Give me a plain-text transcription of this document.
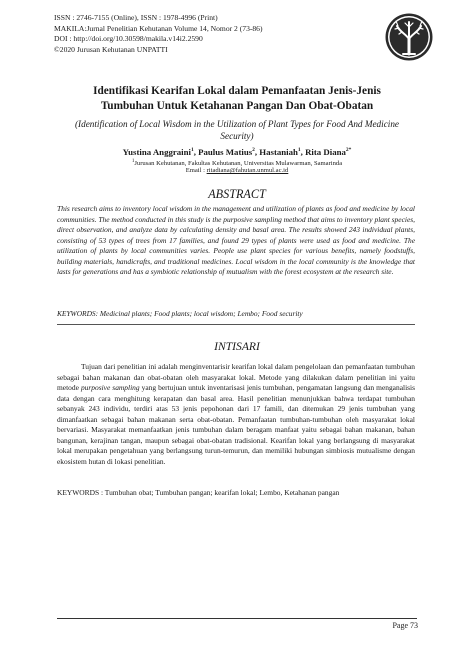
ISSN : 2746-7155 (Online), ISSN : 1978-4996 (Print)
MAKILA:Jurnal Penelitian Kehutanan Volume 14, Nomor 2 (73-86)
DOI : http://doi.org/10.30598/makila.v14i2.2590
©2020 Jurusan Kehutanan UNPATTI
Identifikasi Kearifan Lokal dalam Pemanfaatan Jenis-Jenis
Tumbuhan Untuk Ketahanan Pangan Dan Obat-Obatan
(Identification of Local Wisdom in the Utilization of Plant Types for Food And Medicine Security)
Yustina Anggraini$^1$, Paulus Matius$^2$, Hastaniah$^1$, Rita Diana$^{2*}$
$^1$Jurusan Kehutanan, Fakultas Kehutanan, Universitas Mulawarman, Samarinda
Email : ritadiana@fahutan.unmul.ac.id
ABSTRACT
This research aims to inventory local wisdom in the management and utilization of plants as food and medicine by local communities. The method conducted in this study is the purposive sampling method that aims to inventory plant species, direct observation, and analyze data by calculating density and basal area. The results showed 243 individual plants, consisting of 53 types of trees from 17 families, and found 29 types of plants were used as food and medicine. The utilization of plants by local communities varies. People use plant species for various benefits, namely foodstuffs, building materials, handicrafts, and traditional medicines. Local wisdom in the local community is the knowledge that lasts for generations and has a symbiotic relationship of mutualism with the forest ecosystem at the research site.
KEYWORDS: Medicinal plants; Food plants; local wisdom; Lembo; Food security
INTISARI
Tujuan dari penelitian ini adalah menginventarisir kearifan lokal dalam pengelolaan dan pemanfaatan tumbuhan sebagai bahan makanan dan obat-obatan oleh masyarakat lokal. Metode yang dilakukan dalam penelitian ini yaitu metode purposive sampling yang bertujuan untuk inventarisasi jenis tumbuhan, pengamatan langsung dan menganalisis data dengan cara menghitung kerapatan dan basal area. Hasil penelitian menunjukkan bahwa terdapat tumbuhan sebanyak 243 individu, terdiri atas 53 jenis pepohonan dari 17 famili, dan ditemukan 29 jenis tumbuhan yang dimanfaatkan sebagai bahan makanan serta obat-obatan. Pemanfaatan tumbuhan-tumbuhan oleh masyarakat lokal bervariasi. Masyarakat memanfaatkan jenis tumbuhan dalam beragam manfaat yaitu sebagai bahan makanan, bahan bangunan, kerajinan tangan, maupun sebagai obat-obatan tradisional. Kearifan lokal yang berlangsung di masyarakat lokal merupakan pengetahuan yang berlangsung turun-temurun, dan memiliki hubungan simbiosis mutualisme dengan ekosistem hutan di lokasi penelitian.
KEYWORDS : Tumbuhan obat; Tumbuhan pangan; kearifan lokal; Lembo, Ketahanan pangan
Page 73
